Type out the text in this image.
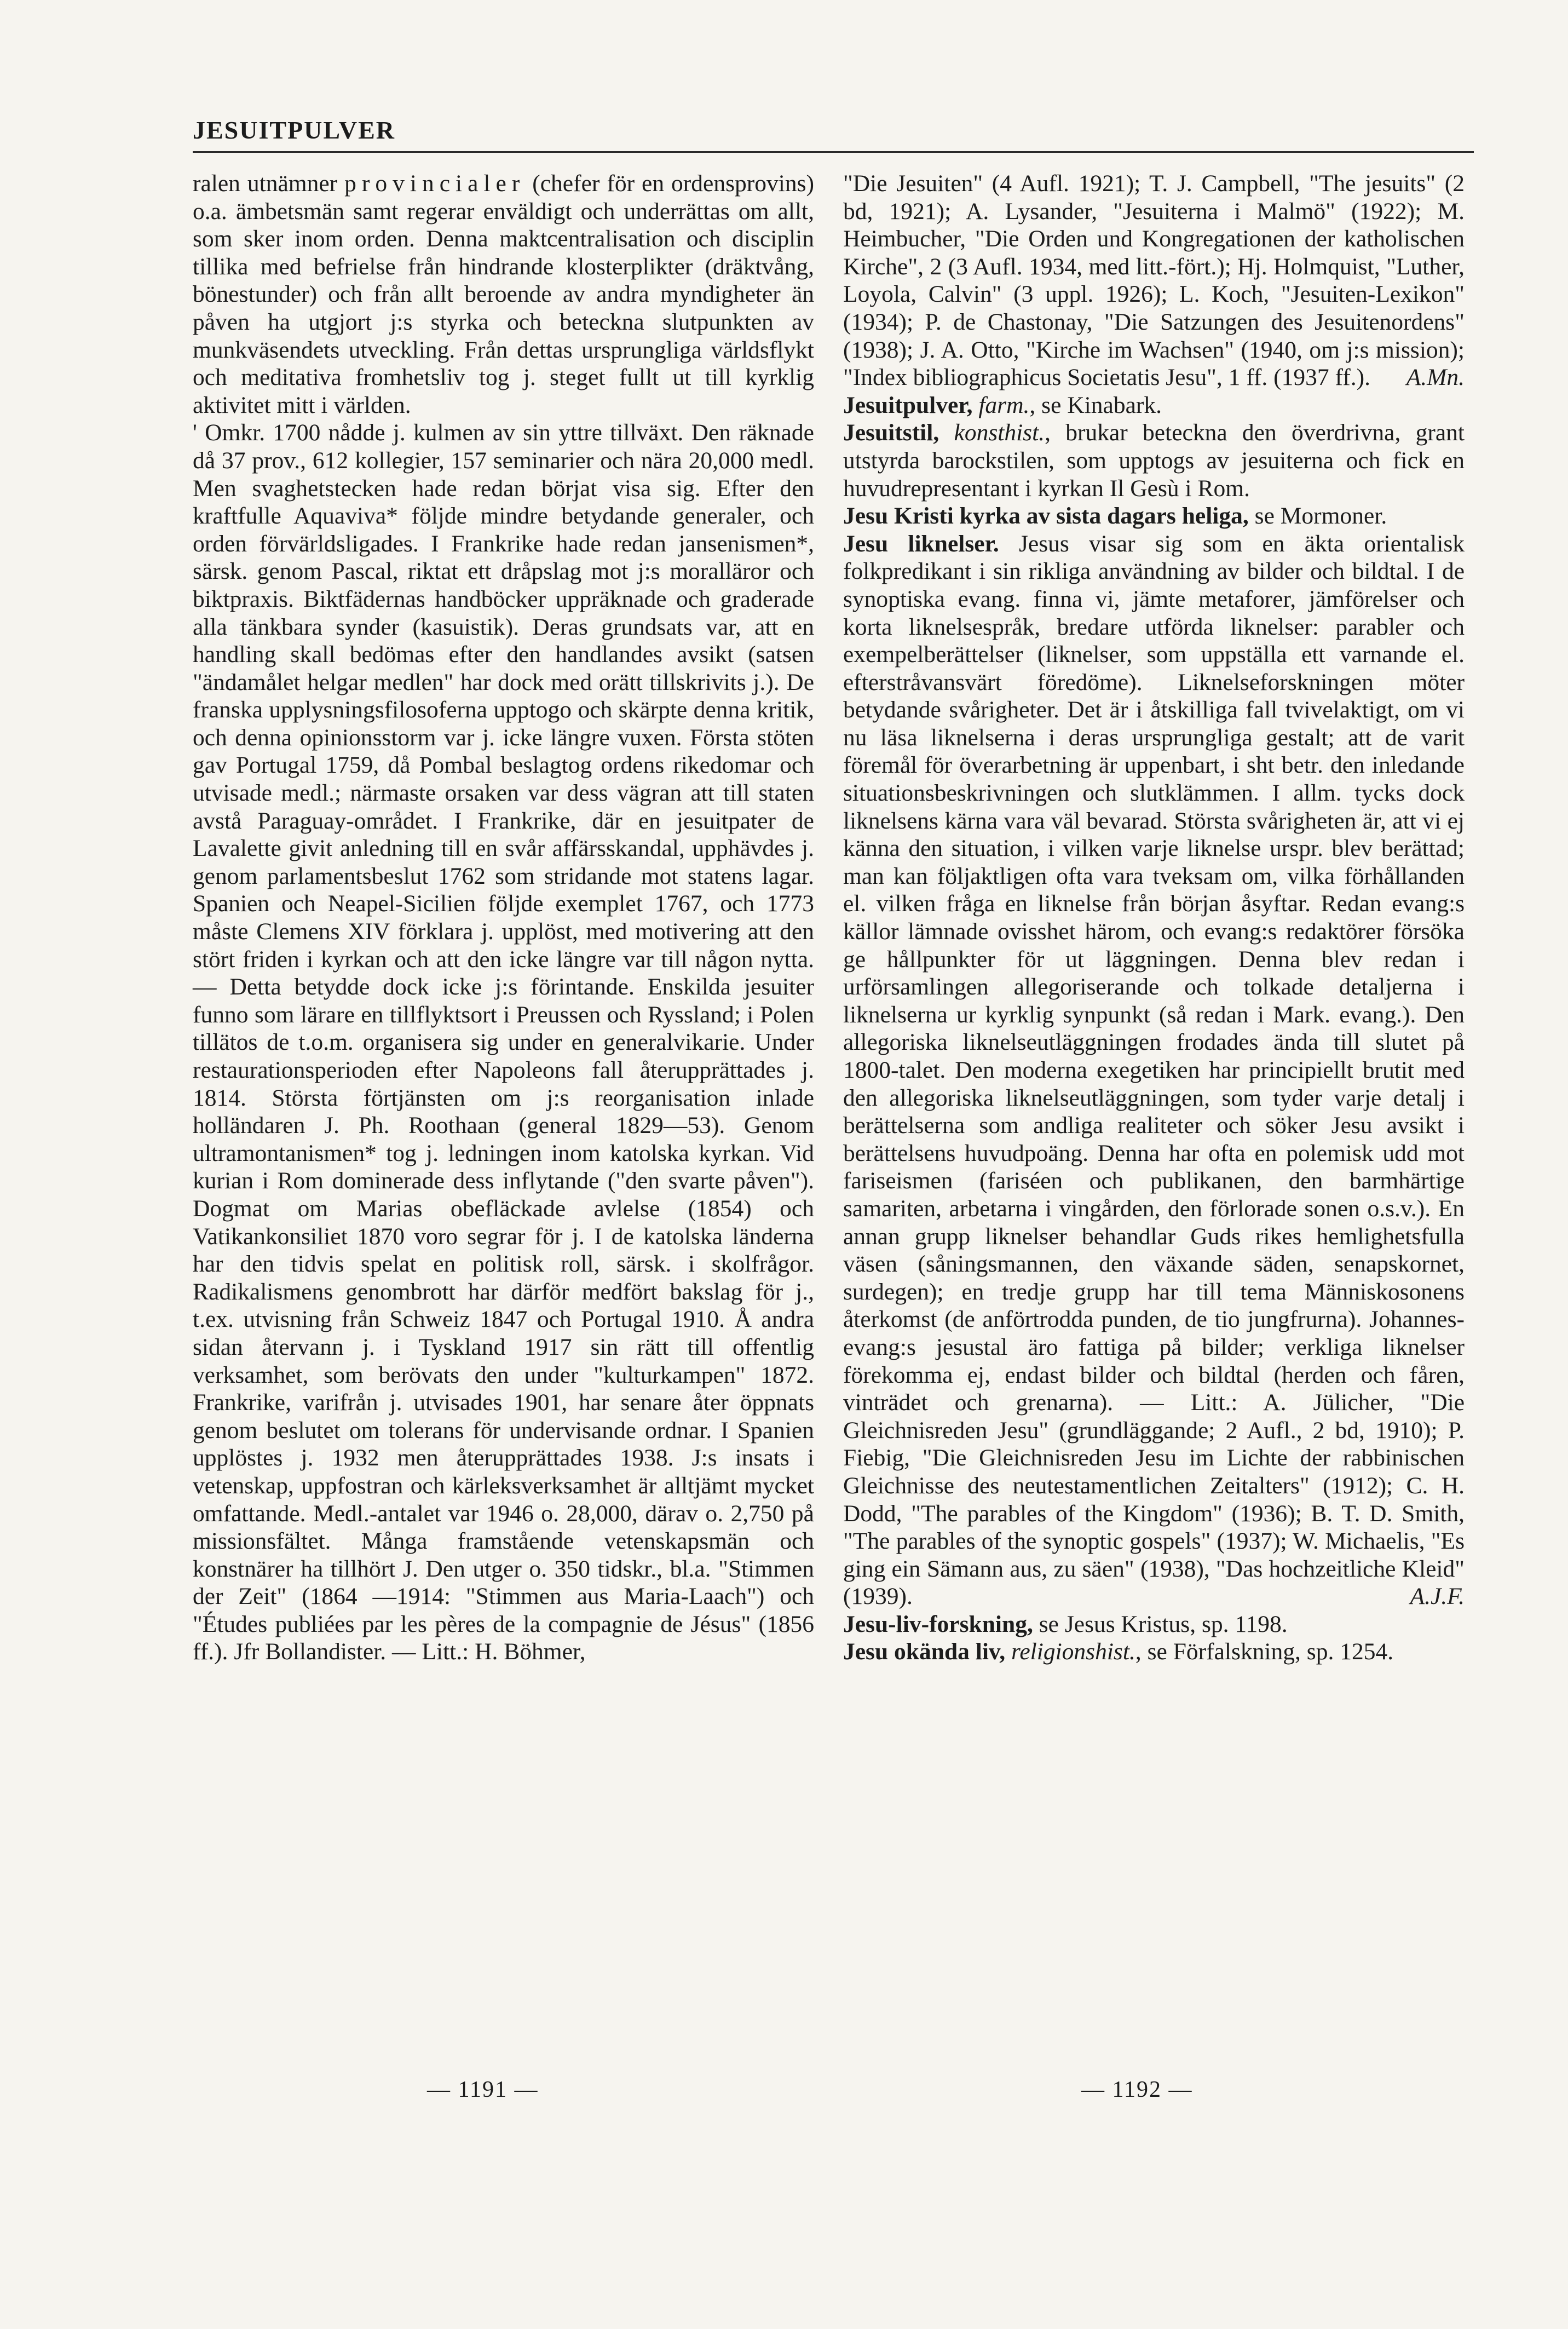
JESUITPULVER

ralen utnämner provincialer (chefer för en ordensprovins) o.a. ämbetsmän samt regerar enväldigt och underrättas om allt, som sker inom orden. Denna maktcentralisation och disciplin tillika med befrielse från hindrande klosterplikter (dräktvång, bönestunder) och från allt beroende av andra myndigheter än påven ha utgjort j:s styrka och betecknа slutpunkten av munkväsendets utveckling. Från dettas ursprungliga världsflykt och meditativa fromhetsliv tog j. steget fullt ut till kyrklig aktivitet mitt i världen.

' Omkr. 1700 nådde j. kulmen av sin yttre tillväxt. Den räknade då 37 prov., 612 kollegier, 157 seminarier och nära 20,000 medl. Men svaghetstecken hade redan börjat visa sig. Efter den kraftfulle Aquaviva* följde mindre betydande generaler, och orden förvärldsligades. I Frankrike hade redan jansenismen*, särsk. genom Pascal, riktat ett dråpslag mot j:s morallärоr och biktpraxis. Biktfädernas handböcker uppräknade och graderade alla tänkbara synder (kasuistik). Deras grundsats var, att en handling skall bedömas efter den handlandes avsikt (satsen "ändamålet helgar medlen" har dock med orätt tillskrivits j.). De franska upplysningsfilosoferna upptogo och skärpte denna kritik, och denna opinionsstorm var j. icke längre vuxen. Första stöten gav Portugal 1759, då Pombal beslagtog ordens rikedomar och utvisade medl.; närmaste orsaken var dess vägran att till staten avstå Paraguay-området. I Frankrike, där en jesuitpater de Lavalette givit anledning till en svår affärsskandal, upphävdes j. genom parlamentsbeslut 1762 som stridande mot statens lagar. Spanien och Neapel-Sicilien följde exemplet 1767, och 1773 måste Clemens XIV förklara j. upplöst, med motivering att den stört friden i kyrkan och att den icke längre var till någon nytta. — Detta betydde dock icke j:s förintande. Enskilda jesuiter funno som lärare en tillflyktsort i Preussen och Ryssland; i Polen tillätos de t.o.m. organisera sig under en generalvikarie. Under restaurationsperioden efter Napoleons fall återupprättades j. 1814. Största förtjänsten om j:s reorganisation inlade holländaren J. Ph. Roothaan (general 1829—53). Genom ultramontanismen* tog j. ledningen inom katolska kyrkan. Vid kurian i Rom dominerade dess inflytande ("den svarte påven"). Dogmat om Marias obefläckade avlelse (1854) och Vatikankonsiliet 1870 voro segrar för j. I de katolska länderna har den tidvis spelat en politisk roll, särsk. i skolfrågor. Radikalismens genombrott har därför medfört bakslag för j., t.ex. utvisning från Schweiz 1847 och Portugal 1910. Å andra sidan återvann j. i Tyskland 1917 sin rätt till offentlig verksamhet, som berövats den under "kulturkampen" 1872. Frankrike, varifrån j. utvisades 1901, har senare åter öppnats genom beslutet om tolerans för undervisande ordnar. I Spanien upplöstes j. 1932 men återupprättades 1938. J:s insats i vetenskap, uppfostran och kärleksverksamhet är alltjämt mycket omfattande. Medl.-antalet var 1946 o. 28,000, därav o. 2,750 på missionsfältet. Många framstående vetenskapsmän och konstnärer ha tillhört J. Den utger o. 350 tidskr., bl.a. "Stimmen der Zeit" (1864 —1914: "Stimmen aus Maria-Laach") och "Études publiées par les pères de la compagnie de Jésus" (1856 ff.). Jfr Bollandister. — Litt.: H. Böhmer,

"Die Jesuiten" (4 Aufl. 1921); T. J. Campbell, "The jesuits" (2 bd, 1921); A. Lysander, "Jesuiterna i Malmö" (1922); M. Heimbucher, "Die Orden und Kongregationen der katholischen Kirche", 2 (3 Aufl. 1934, med litt.-fört.); Hj. Holmquist, "Luther, Loyola, Calvin" (3 uppl. 1926); L. Koch, "Jesuiten-Lexikon" (1934); P. de Chastonay, "Die Satzungen des Jesuitenordens" (1938); J. A. Otto, "Kirche im Wachsen" (1940, om j:s mission); "Index bibliographicus Societatis Jesu", 1 ff. (1937 ff.). A.Mn.

Jesuitpulver, farm., se Kinabark.

Jesuitstil, konsthist., brukar beteckna den överdrivna, grant utstyrda barockstilen, som upptogs av jesuiterna och fick en huvudrepresentant i kyrkan Il Gesù i Rom.

Jesu Kristi kyrka av sista dagars heliga, se Mormoner.

Jesu liknelser. Jesus visar sig som en äkta orientalisk folkpredikant i sin rikliga användning av bilder och bildtal. I de synoptiska evang. finna vi, jämte metaforer, jämförelser och korta liknelsespråk, bredare utförda liknelser: parabler och exempelberättelser (liknelser, som uppställa ett varnande el. efterstråvansvärt föredöme). Liknelseforskningen möter betydande svårigheter. Det är i åtskilliga fall tvivelaktigt, om vi nu läsa liknelserna i deras ursprungliga gestalt; att de varit föremål för överarbetning är uppenbart, i sht betr. den inledande situationsbeskrivningen och slutklämmen. I allm. tycks dock liknelsens kärna vara väl bevarad. Största svårigheten är, att vi ej känna den situation, i vilken varje liknelse urspr. blev berättad; man kan följaktligen ofta vara tveksam om, vilka förhållanden el. vilken fråga en liknelse från början åsyftar. Redan evang:s källor lämnade ovisshet härom, och evang:s redaktörer försöka ge hållpunkter för ut läggningen. Denna blev redan i urförsamlingen allegoriserande och tolkade detaljerna i liknelserna ur kyrklig synpunkt (så redan i Mark. evang.). Den allegoriska liknelseutläggningen frodades ända till slutet på 1800-talet. Den moderna exegetiken har principiellt brutit med den allegoriska liknelseutläggningen, som tyder varje detalj i berättelserna som andliga realiteter och söker Jesu avsikt i berättelsens huvudpoäng. Denna har ofta en polemisk udd mot fariseismen (fariséen och publikanen, den barmhärtige samariten, arbetarna i vingården, den förlorade sonen o.s.v.). En annan grupp liknelser behandlar Guds rikes hemlighetsfulla väsen (såningsmannen, den växande säden, senapskornet, surdegen); en tredje grupp har till tema Människosonens återkomst (de anförtrodda punden, de tio jungfrurna). Johannes-evang:s jesustal äro fattiga på bilder; verkliga liknelser förekomma ej, endast bilder och bildtal (herden och fåren, vinträdet och grenarna). — Litt.: A. Jülicher, "Die Gleichnisreden Jesu" (grundläggande; 2 Aufl., 2 bd, 1910); P. Fiebig, "Die Gleichnisreden Jesu im Lichte der rabbinischen Gleichnisse des neutestamentlichen Zeitalters" (1912); C. H. Dodd, "The parables of the Kingdom" (1936); B. T. D. Smith, "The parables of the synoptic gospels" (1937); W. Michaelis, "Es ging ein Sämann aus, zu säen" (1938), "Das hochzeitliche Kleid" (1939).	A.J.F.

Jesu-liv-forskning, se Jesus Kristus, sp. 1198.

Jesu okända liv, religionshist., se Förfalskning, sp. 1254.

— 1191 —	— 1192 —
